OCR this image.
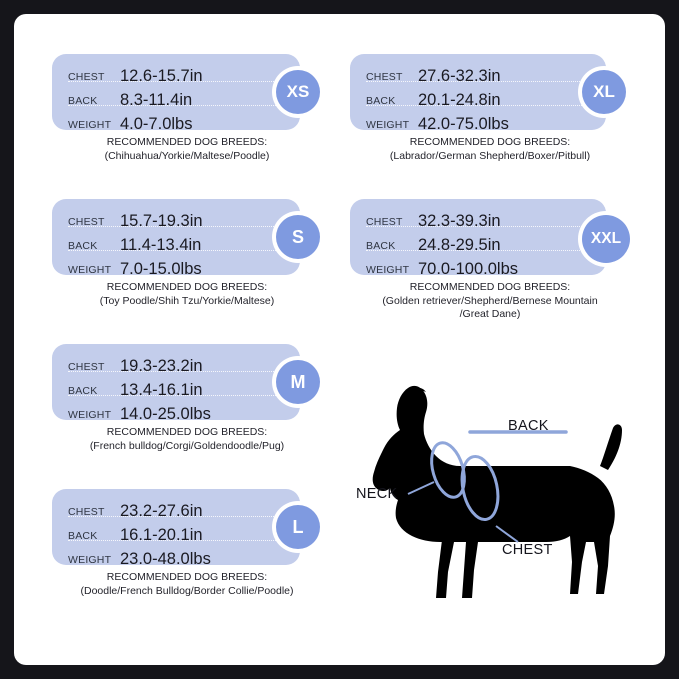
CHEST 12.6-15.7in
BACK	8.3-11.4in
WEIGHT 4.0-7.0lbs
XS
RECOMMENDED DOG BREEDS:
(Chihuahua/Yorkie/Maltese/Poodle)
CHEST 15.7-19.3in
BACK	11.4-13.4in
WEIGHT 7.0-15.0lbs
S
RECOMMENDED DOG BREEDS:
(Toy Poodle/Shih Tzu/Yorkie/Maltese)
CHEST 19.3-23.2in
BACK	13.4-16.1in
WEIGHT 14.0-25.0lbs
M
RECOMMENDED DOG BREEDS:
(French bulldog/Corgi/Goldendoodle/Pug)
CHEST 23.2-27.6in
BACK	16.1-20.1in
WEIGHT 23.0-48.0lbs
L
RECOMMENDED DOG BREEDS:
(Doodle/French Bulldog/Border Collie/Poodle)
CHEST 27.6-32.3in
BACK	20.1-24.8in
WEIGHT 42.0-75.0lbs
XL
RECOMMENDED DOG BREEDS:
(Labrador/German Shepherd/Boxer/Pitbull)
CHEST 32.3-39.3in
BACK	24.8-29.5in
WEIGHT 70.0-100.0lbs
XXL
RECOMMENDED DOG BREEDS:
(Golden retriever/Shepherd/Bernese Mountain
/Great Dane)
BACK
NECK
CHEST
